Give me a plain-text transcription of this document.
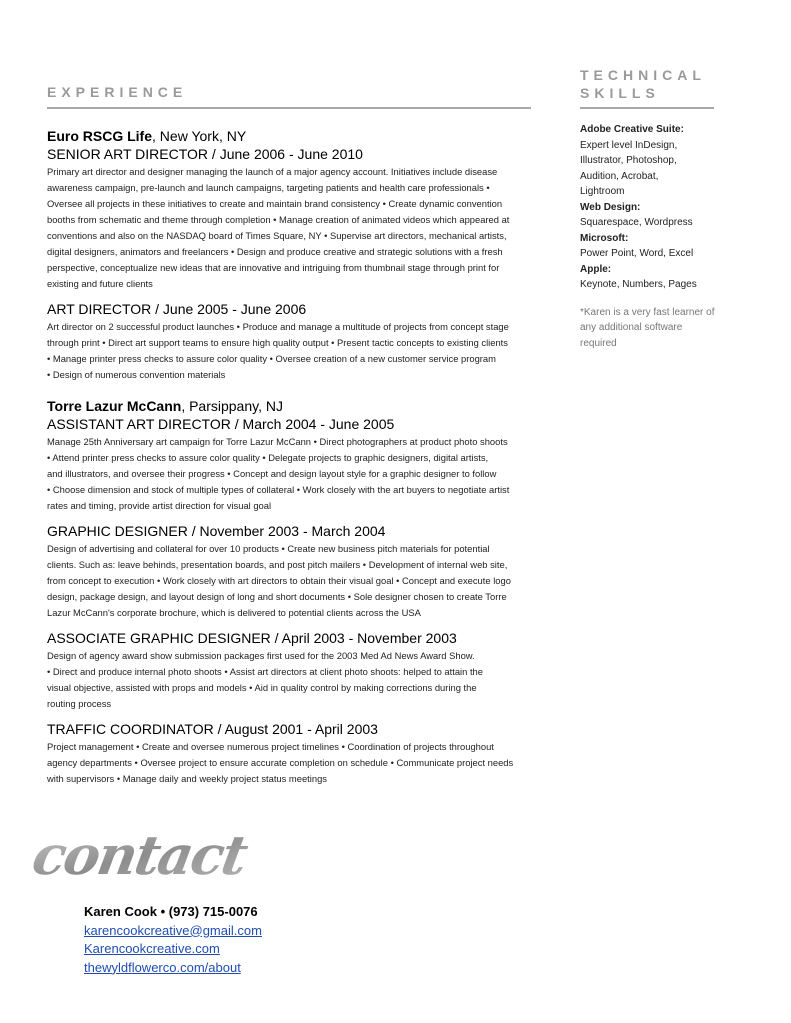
EXPERIENCE
TECHNICAL
SKILLS
Adobe Creative Suite:
Expert level InDesign,
Illustrator, Photoshop,
Audition, Acrobat,
Lightroom
Web Design:
Squarespace, Wordpress
Microsoft:
Power Point, Word, Excel
Apple:
Keynote, Numbers, Pages
*Karen is a very fast learner of
any additional software
required

Euro RSCG Life, New York, NY

SENIOR ART DIRECTOR / June 2006 - June 2010

Primary art director and designer managing the launch of a major agency account. Initiatives include disease
awareness campaign, pre-launch and launch campaigns, targeting patients and health care professionals •
Oversee all projects in these initiatives to create and maintain brand consistency • Create dynamic convention
booths from schematic and theme through completion • Manage creation of animated videos which appeared at
conventions and also on the NASDAQ board of Times Square, NY • Supervise art directors, mechanical artists,
digital designers, animators and freelancers • Design and produce creative and strategic solutions with a fresh
perspective, conceptualize new ideas that are innovative and intriguing from thumbnail stage through print for
existing and future clients

ART DIRECTOR / June 2005 - June 2006

Art director on 2 successful product launches • Produce and manage a multitude of projects from concept stage
through print • Direct art support teams to ensure high quality output • Present tactic concepts to existing clients
• Manage printer press checks to assure color quality • Oversee creation of a new customer service program
• Design of numerous convention materials

Torre Lazur McCann, Parsippany, NJ

ASSISTANT ART DIRECTOR / March 2004 - June 2005

Manage 25th Anniversary art campaign for Torre Lazur McCann • Direct photographers at product photo shoots
• Attend printer press checks to assure color quality • Delegate projects to graphic designers, digital artists,
and illustrators, and oversee their progress • Concept and design layout style for a graphic designer to follow
• Choose dimension and stock of multiple types of collateral • Work closely with the art buyers to negotiate artist
rates and timing, provide artist direction for visual goal

GRAPHIC DESIGNER / November 2003 - March 2004

Design of advertising and collateral for over 10 products • Create new business pitch materials for potential
clients. Such as: leave behinds, presentation boards, and post pitch mailers • Development of internal web site,
from concept to execution • Work closely with art directors to obtain their visual goal • Concept and execute logo
design, package design, and layout design of long and short documents • Sole designer chosen to create Torre
Lazur McCann's corporate brochure, which is delivered to potential clients across the USA

ASSOCIATE GRAPHIC DESIGNER / April 2003 - November 2003

Design of agency award show submission packages first used for the 2003 Med Ad News Award Show.
• Direct and produce internal photo shoots • Assist art directors at client photo shoots: helped to attain the
visual objective, assisted with props and models • Aid in quality control by making corrections during the
routing process

TRAFFIC COORDINATOR / August 2001 - April 2003

Project management • Create and oversee numerous project timelines • Coordination of projects throughout
agency departments • Oversee project to ensure accurate completion on schedule • Communicate project needs
with supervisors • Manage daily and weekly project status meetings

contact
Karen Cook • (973) 715-0076
karencookcreative@gmail.com
Karencookcreative.com
thewyldflowerco.com/about
